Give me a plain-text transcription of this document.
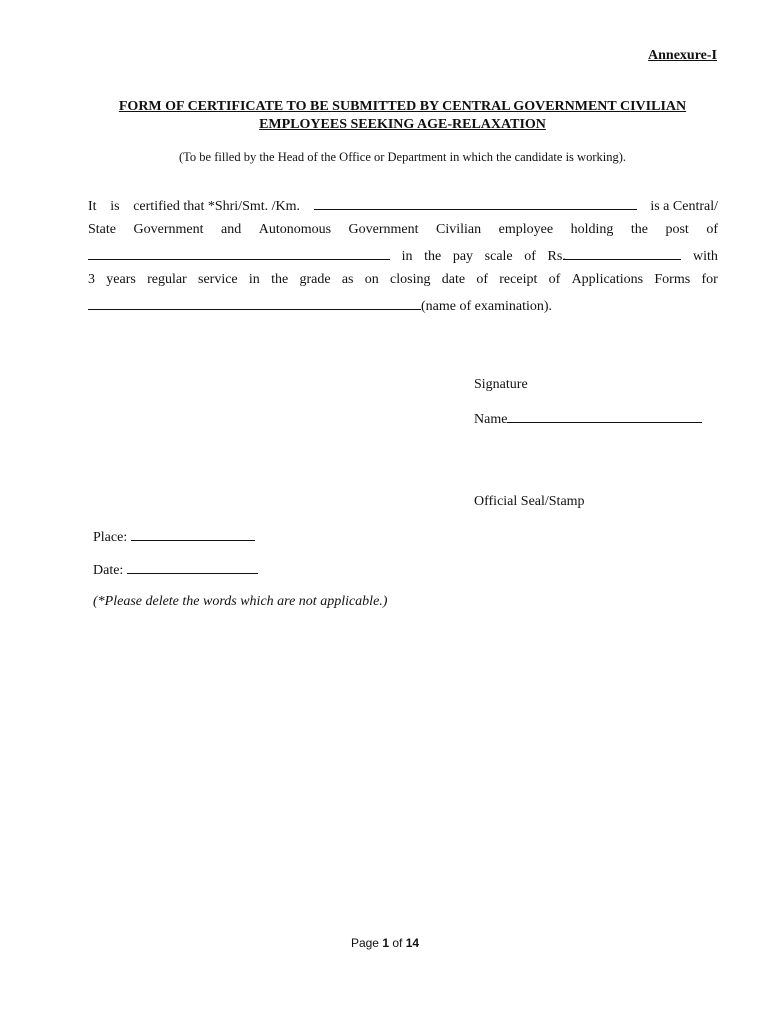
Annexure-I
FORM OF CERTIFICATE TO BE SUBMITTED BY CENTRAL GOVERNMENT CIVILIAN
EMPLOYEES SEEKING AGE-RELAXATION
(To be filled by the Head of the Office or Department in which the candidate is working).
It is certified that *Shri/Smt. /Km.	is a Central/
State Government and Autonomous Government Civilian employee holding the post of
in the pay scale of Rs.	with
3 years regular service in the grade as on closing date of receipt of Applications Forms for
(name of examination).
Signature
Name
Official Seal/Stamp
Place:
Date:
(*Please delete the words which are not applicable.)
Page 1 of 14
